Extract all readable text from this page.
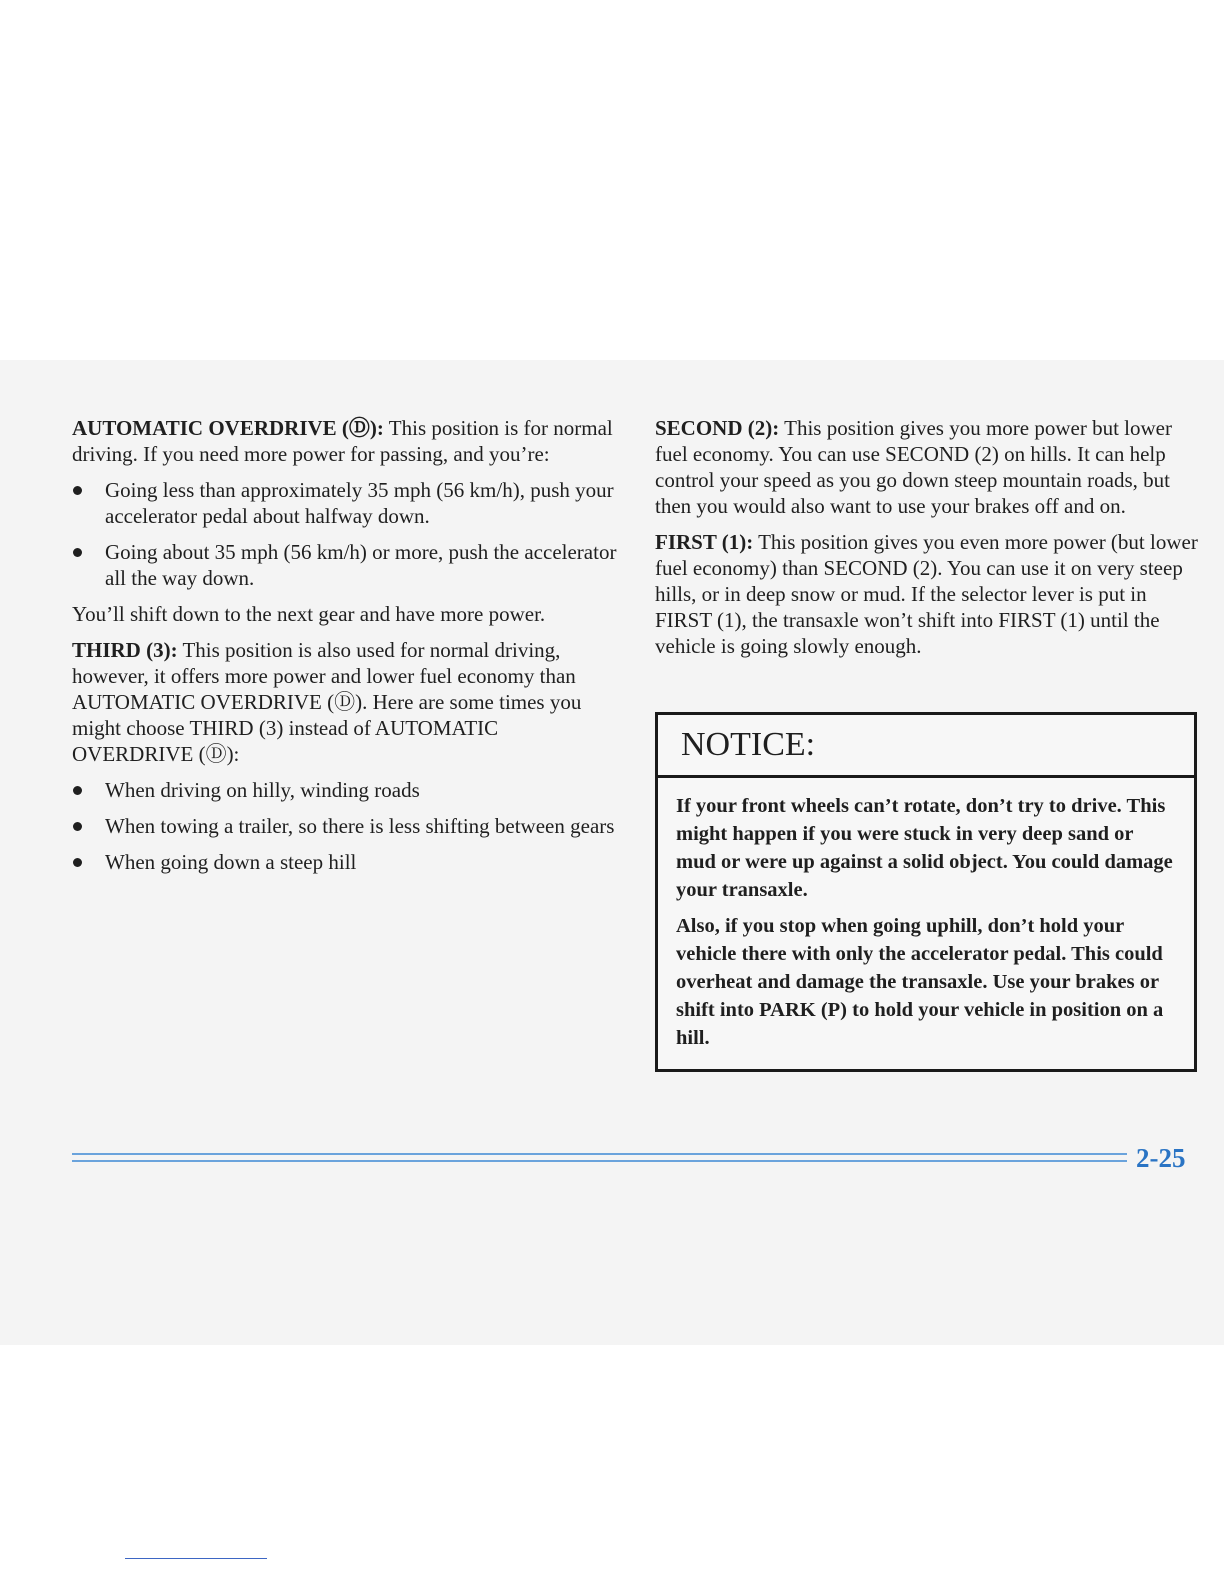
AUTOMATIC OVERDRIVE (Ⓓ): This position is for normal driving. If you need more power for passing, and you’re:

Going less than approximately 35 mph (56 km/h), push your accelerator pedal about halfway down.
Going about 35 mph (56 km/h) or more, push the accelerator all the way down.

You’ll shift down to the next gear and have more power.

THIRD (3): This position is also used for normal driving, however, it offers more power and lower fuel economy than AUTOMATIC OVERDRIVE (Ⓓ). Here are some times you might choose THIRD (3) instead of AUTOMATIC OVERDRIVE (Ⓓ):

When driving on hilly, winding roads
When towing a trailer, so there is less shifting between gears
When going down a steep hill

SECOND (2): This position gives you more power but lower fuel economy. You can use SECOND (2) on hills. It can help control your speed as you go down steep mountain roads, but then you would also want to use your brakes off and on.

FIRST (1): This position gives you even more power (but lower fuel economy) than SECOND (2). You can use it on very steep hills, or in deep snow or mud. If the selector lever is put in FIRST (1), the transaxle won’t shift into FIRST (1) until the vehicle is going slowly enough.

NOTICE:

If your front wheels can’t rotate, don’t try to drive. This might happen if you were stuck in very deep sand or mud or were up against a solid object. You could damage your transaxle.

Also, if you stop when going uphill, don’t hold your vehicle there with only the accelerator pedal. This could overheat and damage the transaxle. Use your brakes or shift into PARK (P) to hold your vehicle in position on a hill.

2-25
